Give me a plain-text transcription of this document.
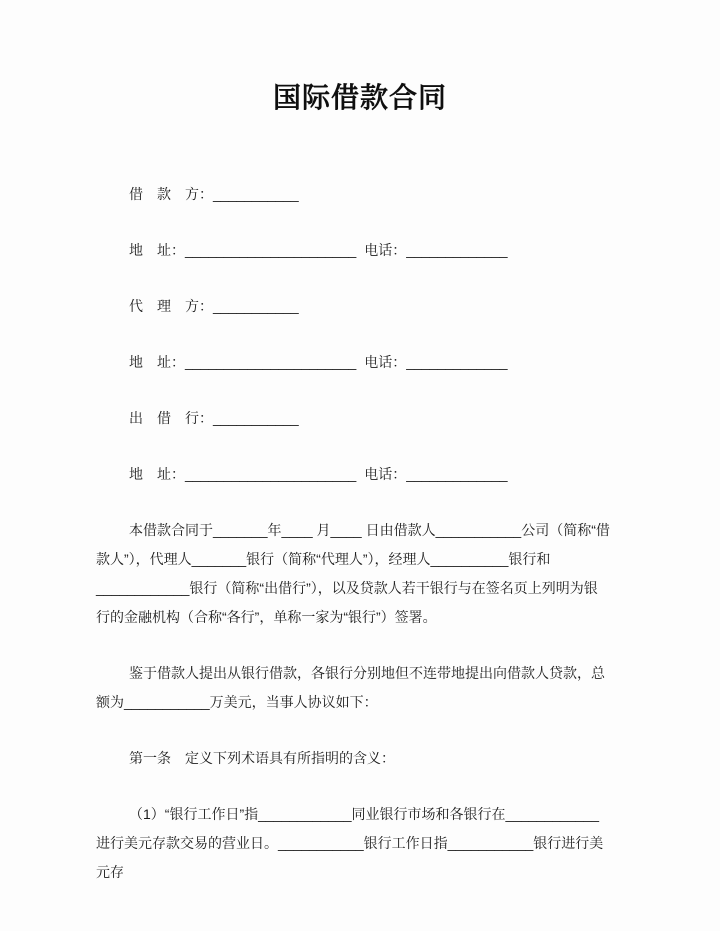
国际借款合同

借　款　方：___________

地　址：______________________ 电话：_____________

代　理　方：___________

地　址：______________________ 电话：_____________

出　借　行：___________

地　址：______________________ 电话：_____________

本借款合同于_______年____ 月____ 日由借款人___________公司（简称“借款人”），代理人_______银行（简称“代理人”），经理人__________银行和____________银行（简称“出借行”），以及贷款人若干银行与在签名页上列明为银行的金融机构（合称“各行”，单称一家为“银行”）签署。

鉴于借款人提出从银行借款，各银行分别地但不连带地提出向借款人贷款，总额为___________万美元，当事人协议如下：

第一条　定义下列术语具有所指明的含义：

（1）“银行工作日”指____________同业银行市场和各银行在____________进行美元存款交易的营业日。___________银行工作日指___________银行进行美元存
